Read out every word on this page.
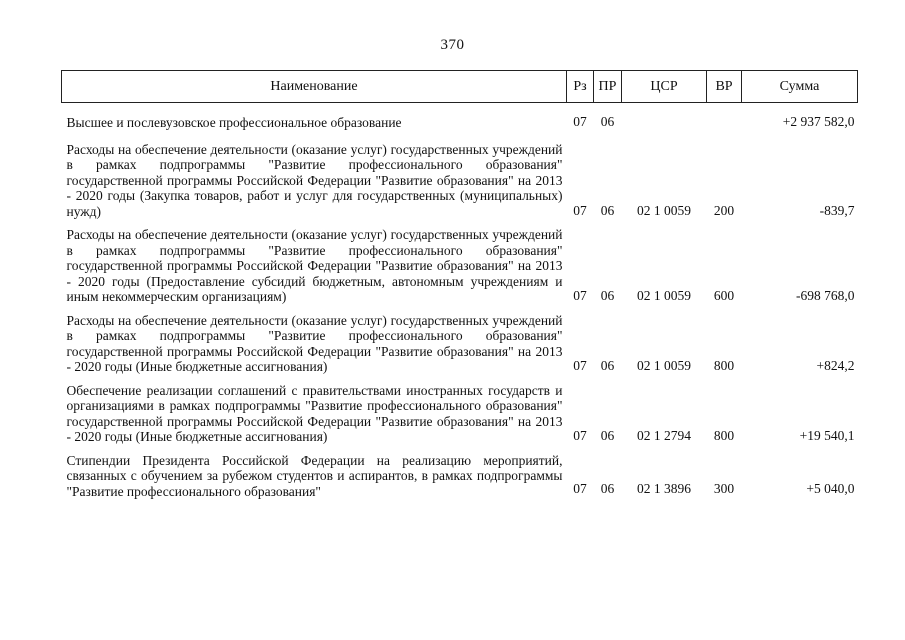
370
Наименование	Рз	ПР	ЦСР	ВР	Сумма
Высшее и послевузовское профессиональное образование	07	06			+2 937 582,0
Расходы на обеспечение деятельности (оказание услуг) государственных учреждений в рамках подпрограммы "Развитие профессионального образования" государственной программы Российской Федерации "Развитие образования" на 2013 - 2020 годы (Закупка товаров, работ и услуг для государственных (муниципальных) нужд)	07	06	02 1 0059	200	-839,7
Расходы на обеспечение деятельности (оказание услуг) государственных учреждений в рамках подпрограммы "Развитие профессионального образования" государственной программы Российской Федерации "Развитие образования" на 2013 - 2020 годы (Предоставление субсидий бюджетным, автономным учреждениям и иным некоммерческим организациям)	07	06	02 1 0059	600	-698 768,0
Расходы на обеспечение деятельности (оказание услуг) государственных учреждений в рамках подпрограммы "Развитие профессионального образования" государственной программы Российской Федерации "Развитие образования" на 2013 - 2020 годы (Иные бюджетные ассигнования)	07	06	02 1 0059	800	+824,2
Обеспечение реализации соглашений с правительствами иностранных государств и организациями в рамках подпрограммы "Развитие профессионального образования" государственной программы Российской Федерации "Развитие образования" на 2013 - 2020 годы (Иные бюджетные ассигнования)	07	06	02 1 2794	800	+19 540,1
Стипендии Президента Российской Федерации на реализацию мероприятий, связанных с обучением за рубежом студентов и аспирантов, в рамках подпрограммы "Развитие профессионального образования"	07	06	02 1 3896	300	+5 040,0
